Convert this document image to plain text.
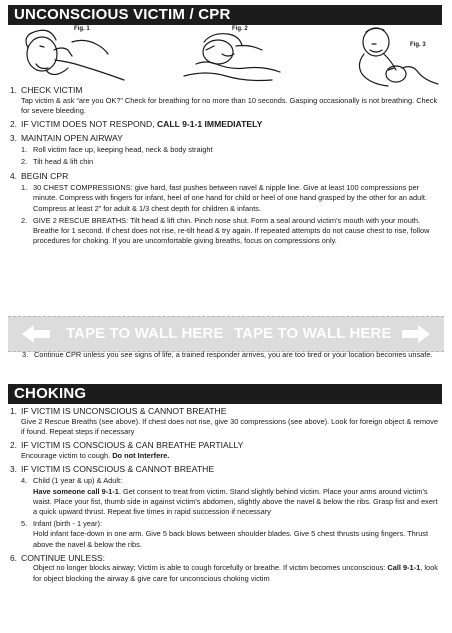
UNCONSCIOUS VICTIM / CPR
Fig. 1	Fig. 2
Fig. 3
1. CHECK VICTIM
Tap victim & ask “are you OK?” Check for breathing for no more than 10 seconds. Gasping occasionally is not breathing. Check for severe bleeding.
2. IF VICTIM DOES NOT RESPOND, CALL 9-1-1 IMMEDIATELY
3. MAINTAIN OPEN AIRWAY
1. Roll victim face up, keeping head, neck & body straight
2. Tilt head & lift chin
4. BEGIN CPR
1. 30 CHEST COMPRESSIONS: give hard, fast pushes between navel & nipple line. Give at least 100 compressions per minute. Compress with fingers for infant, heel of one hand for child or heel of one hand grasped by the other for an adult. Compress at least 2” for adult & 1/3 chest depth for children & infants.
2. GIVE 2 RESCUE BREATHS: Tilt head & lift chin. Pinch nose shut. Form a seal around victim’s mouth with your mouth. Breathe for 1 second. If chest does not rise, re-tilt head & try again. If repeated attempts do not cause chest to rise, follow procedures for choking. If you are uncomfortable giving breaths, focus on compressions only.
TAPE TO WALL HERE TAPE TO WALL HERE
3. Continue CPR unless you see signs of life, a trained responder arrives, you are too tired or your location becomes unsafe.
CHOKING
1. IF VICTIM IS UNCONSCIOUS & CANNOT BREATHE
Give 2 Rescue Breaths (see above). If chest does not rise, give 30 compressions (see above). Look for foreign object & remove if found. Repeat steps if necessary
2. IF VICTIM IS CONSCIOUS & CAN BREATHE PARTIALLY
Encourage victim to cough. Do not Interfere.
3. IF VICTIM IS CONSCIOUS & CANNOT BREATHE
4. Child (1 year & up) & Adult:
Have someone call 9-1-1. Get consent to treat from victim. Stand slightly behind victim. Place your arms around victim’s waist. Place your fist, thumb side in against victim’s abdomen, slightly above the navel & below the ribs. Grasp fist and exert a quick upward thrust. Repeat five times in rapid succession if necessary
5. Infant (birth - 1 year):
Hold infant face-down in one arm. Give 5 back blows between shoulder blades. Give 5 chest thrusts using fingers. Thrust above the navel & below the ribs.
6. CONTINUE UNLESS:
Object no longer blocks airway; Victim is able to cough forcefully or breathe. If victim becomes unconscious: Call 9-1-1, look for object blocking the airway & give care for unconscious choking victim
